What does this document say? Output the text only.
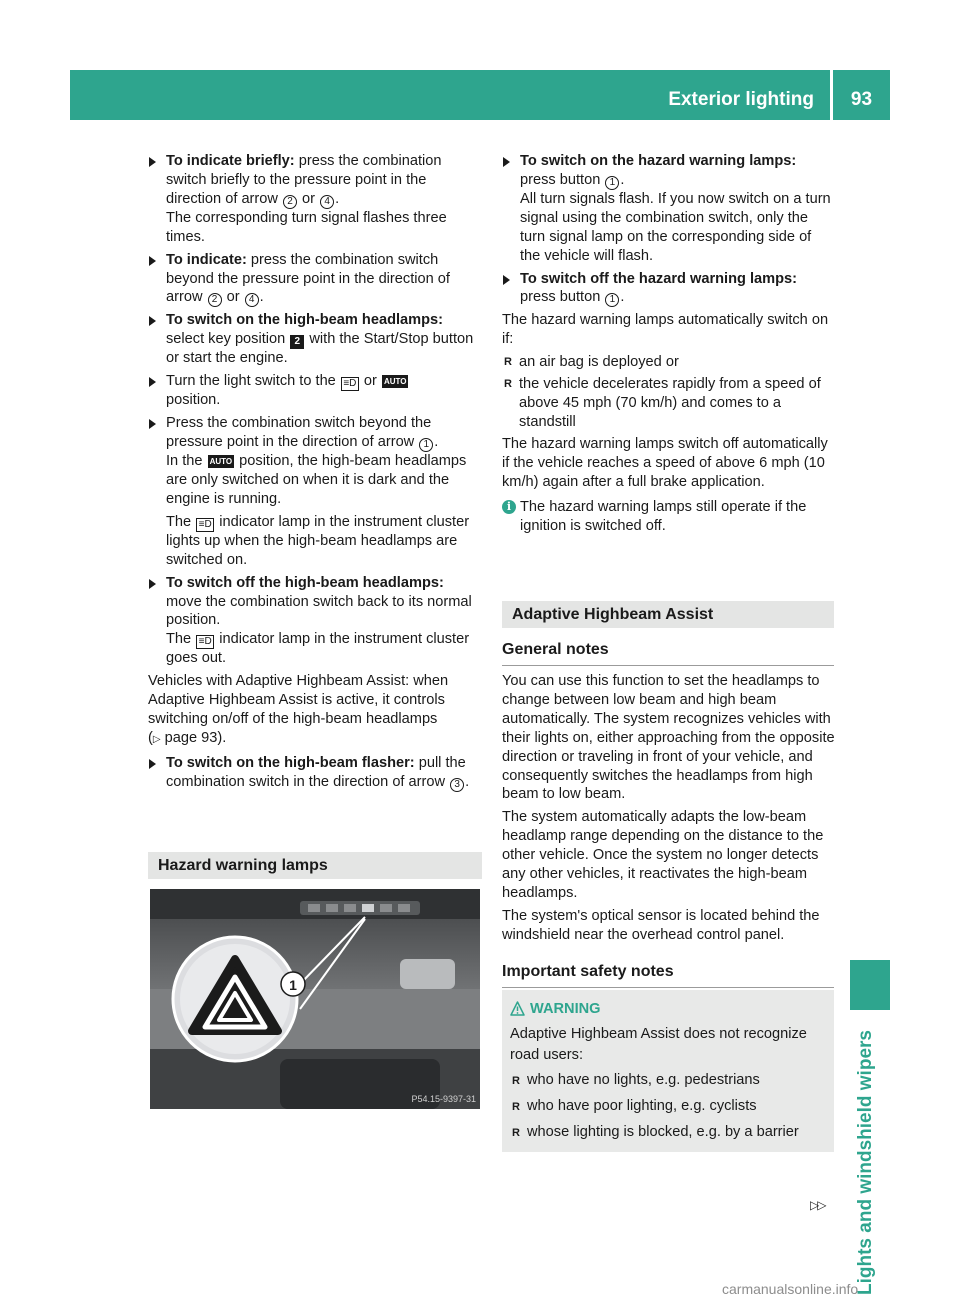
Exterior lighting	93
Lights and windshield wipers
To indicate briefly: press the combination switch briefly to the pressure point in the direction of arrow 2 or 4 .
The corresponding turn signal flashes three times.
To indicate: press the combination switch beyond the pressure point in the direction of arrow 2 or 4 .
To switch on the high-beam headlamps:
select key position 2 with the Start/Stop button or start the engine.
Turn the light switch to the ≡D or AUTO
position.
Press the combination switch beyond the pressure point in the direction of arrow 1 .
In the AUTO position, the high-beam headlamps are only switched on when it is dark and the engine is running.
The ≡D indicator lamp in the instrument cluster lights up when the high-beam headlamps are switched on.
To switch off the high-beam headlamps:
move the combination switch back to its normal position.
The ≡D indicator lamp in the instrument cluster goes out.
Vehicles with Adaptive Highbeam Assist: when Adaptive Highbeam Assist is active, it controls switching on/off of the high-beam headlamps
(▷ page 93).
To switch on the high-beam flasher: pull the combination switch in the direction of arrow 3 .
Hazard warning lamps
1
P54.15-9397-31
To switch on the hazard warning lamps:
press button 1 .
All turn signals flash. If you now switch on a turn signal using the combination switch, only the turn signal lamp on the corresponding side of the vehicle will flash.
To switch off the hazard warning lamps:
press button 1 .
The hazard warning lamps automatically switch on if:
R an air bag is deployed or
R the vehicle decelerates rapidly from a speed of above 45 mph (70 km/h) and comes to a standstill
The hazard warning lamps switch off automatically if the vehicle reaches a speed of above 6 mph (10 km/h) again after a full brake application.
i The hazard warning lamps still operate if the ignition is switched off.
Adaptive Highbeam Assist
General notes
You can use this function to set the headlamps to change between low beam and high beam automatically. The system recognizes vehicles with their lights on, either approaching from the opposite direction or traveling in front of your vehicle, and consequently switches the headlamps from high beam to low beam.
The system automatically adapts the low-beam headlamp range depending on the distance to the other vehicle. Once the system no longer detects any other vehicles, it reactivates the high-beam headlamps.
The system's optical sensor is located behind the windshield near the overhead control panel.
Important safety notes
WARNING
Adaptive Highbeam Assist does not recognize road users:
R who have no lights, e.g. pedestrians
R who have poor lighting, e.g. cyclists
R whose lighting is blocked, e.g. by a barrier
▷▷
carmanualsonline.info
